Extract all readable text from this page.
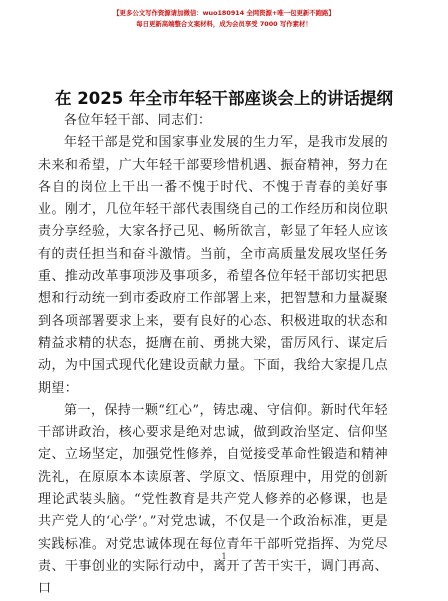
【更多公文写作资源请加微信：wuo180914 全网资源+唯一包更新不跑路】
每日更新高端整合文案材料，成为会员享受 7000 写作素材！
在 2025 年全市年轻干部座谈会上的讲话提纲

各位年轻干部、同志们：

年轻干部是党和国家事业发展的生力军，是我市发展的未来和希望，广大年轻干部要珍惜机遇、振奋精神，努力在各自的岗位上干出一番不愧于时代、不愧于青春的美好事业。刚才，几位年轻干部代表围绕自己的工作经历和岗位职责分享经验，大家各抒己见、畅所欲言，彰显了年轻人应该有的责任担当和奋斗激情。当前，全市高质量发展攻坚任务重、推动改革事项涉及事项多，希望各位年轻干部切实把思想和行动统一到市委政府工作部署上来，把智慧和力量凝聚到各项部署要求上来，要有良好的心态、积极进取的状态和精益求精的状态，挺膺在前、勇挑大梁，雷厉风行、谋定后动，为中国式现代化建设贡献力量。下面，我给大家提几点期望：

第一，保持一颗“红心”，铸忠魂、守信仰。新时代年轻干部讲政治，核心要求是绝对忠诚，做到政治坚定、信仰坚定、立场坚定，加强党性修养，自觉接受革命性锻造和精神洗礼，在原原本本读原著、学原文、悟原理中，用党的创新理论武装头脑。“党性教育是共产党人修养的必修课，也是共产党人的‘心学’。”对党忠诚，不仅是一个政治标准，更是实践标准。对党忠诚体现在每位青年干部听党指挥、为党尽责、干事创业的实际行动中，离开了苦干实干，调门再高、口

1
